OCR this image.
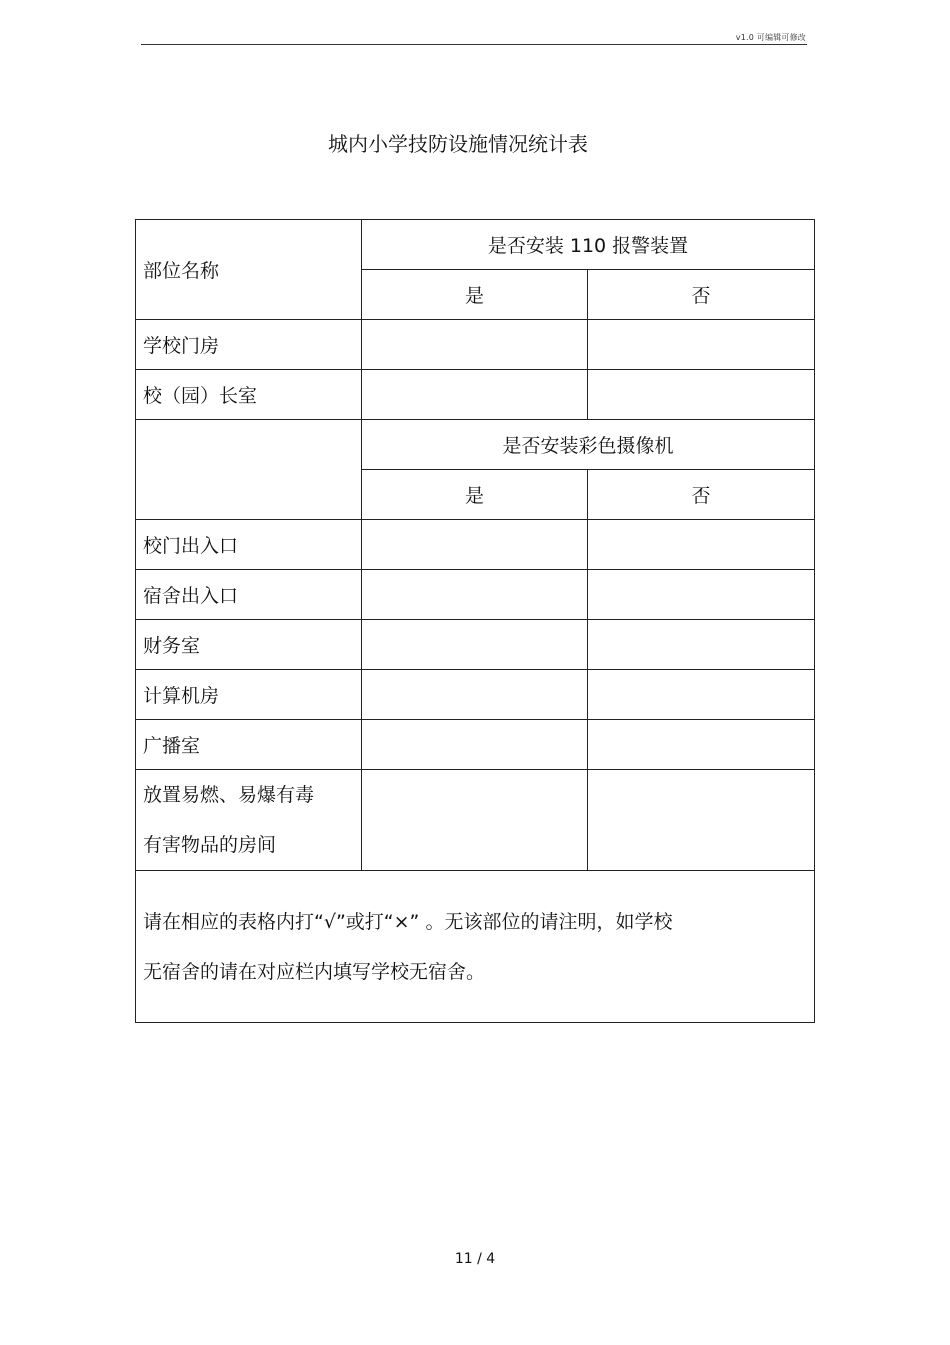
v1.0 可编辑可修改
城内小学技防设施情况统计表
部位名称	是否安装 110 报警装置	
	是	否
学校门房		
校（园）长室		
	是否安装彩色摄像机	
	是	否
校门出入口		
宿舍出入口		
财务室		
计算机房		
广播室		

放置易燃、易爆有毒
有害物品的房间		

请在相应的表格内打“√”或打“×” 。无该部位的请注明，如学校
无宿舍的请在对应栏内填写学校无宿舍。		
11 / 4
